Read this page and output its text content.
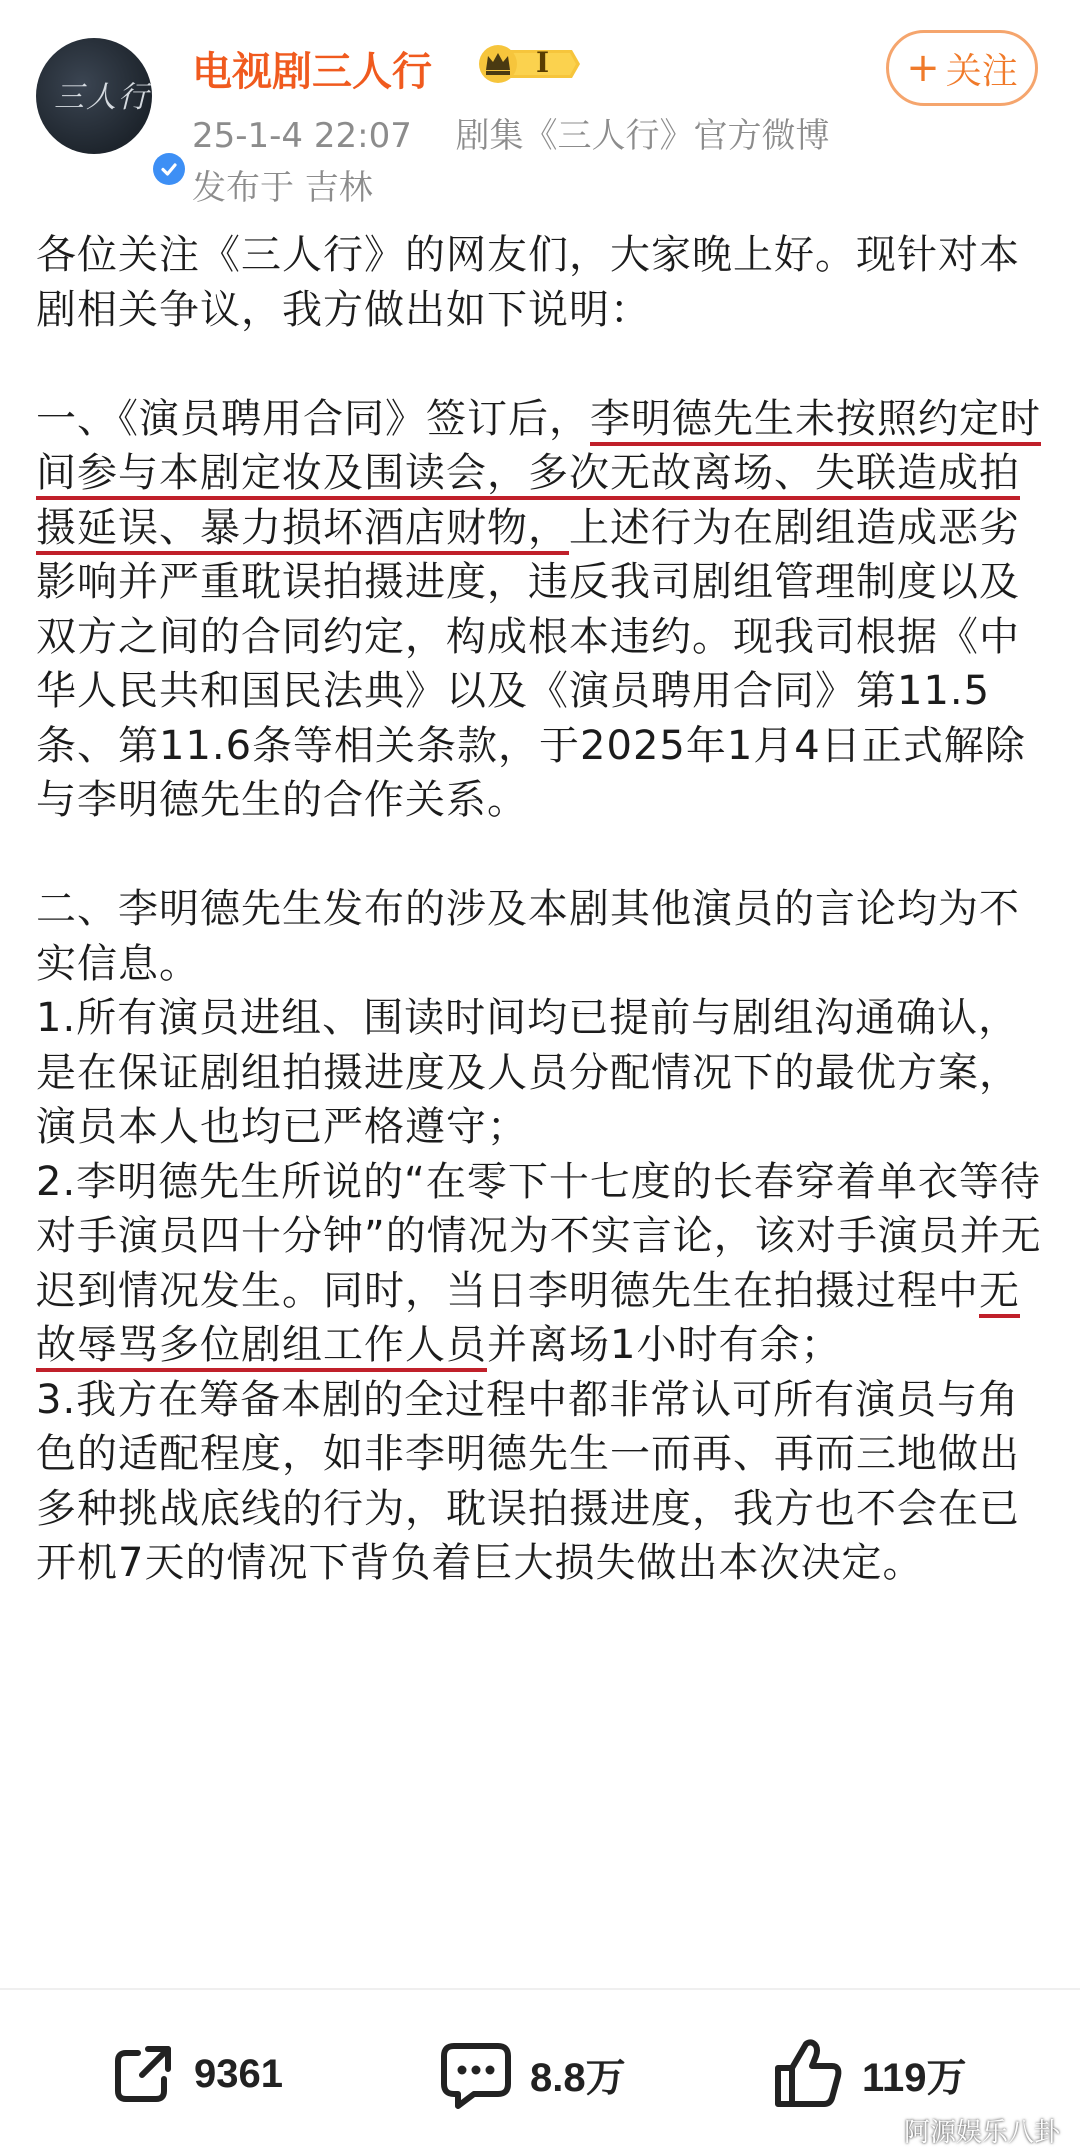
三人行
电视剧三人行	I
25-1-4 22:07 剧集《三人行》官方微博
发布于 吉林
+ 关注

各位关注《三人行》的网友们，大家晚上好。现针对本剧相关争议，我方做出如下说明：

一、《演员聘用合同》签订后，李明德先生未按照约定时间参与本剧定妆及围读会，多次无故离场、失联造成拍摄延误、暴力损坏酒店财物，上述行为在剧组造成恶劣影响并严重耽误拍摄进度，违反我司剧组管理制度以及双方之间的合同约定，构成根本违约。现我司根据《中华人民共和国民法典》以及《演员聘用合同》第11.5条、第11.6条等相关条款，于2025年1月4日正式解除与李明德先生的合作关系。

二、李明德先生发布的涉及本剧其他演员的言论均为不实信息。

1.所有演员进组、围读时间均已提前与剧组沟通确认，是在保证剧组拍摄进度及人员分配情况下的最优方案，演员本人也均已严格遵守；

2.李明德先生所说的“在零下十七度的长春穿着单衣等待对手演员四十分钟”的情况为不实言论，该对手演员并无迟到情况发生。同时，当日李明德先生在拍摄过程中无故辱骂多位剧组工作人员并离场1小时有余；

3.我方在筹备本剧的全过程中都非常认可所有演员与角色的适配程度，如非李明德先生一而再、再而三地做出多种挑战底线的行为，耽误拍摄进度，我方也不会在已开机7天的情况下背负着巨大损失做出本次决定。

9361	8.8万	119万
阿源娱乐八卦
